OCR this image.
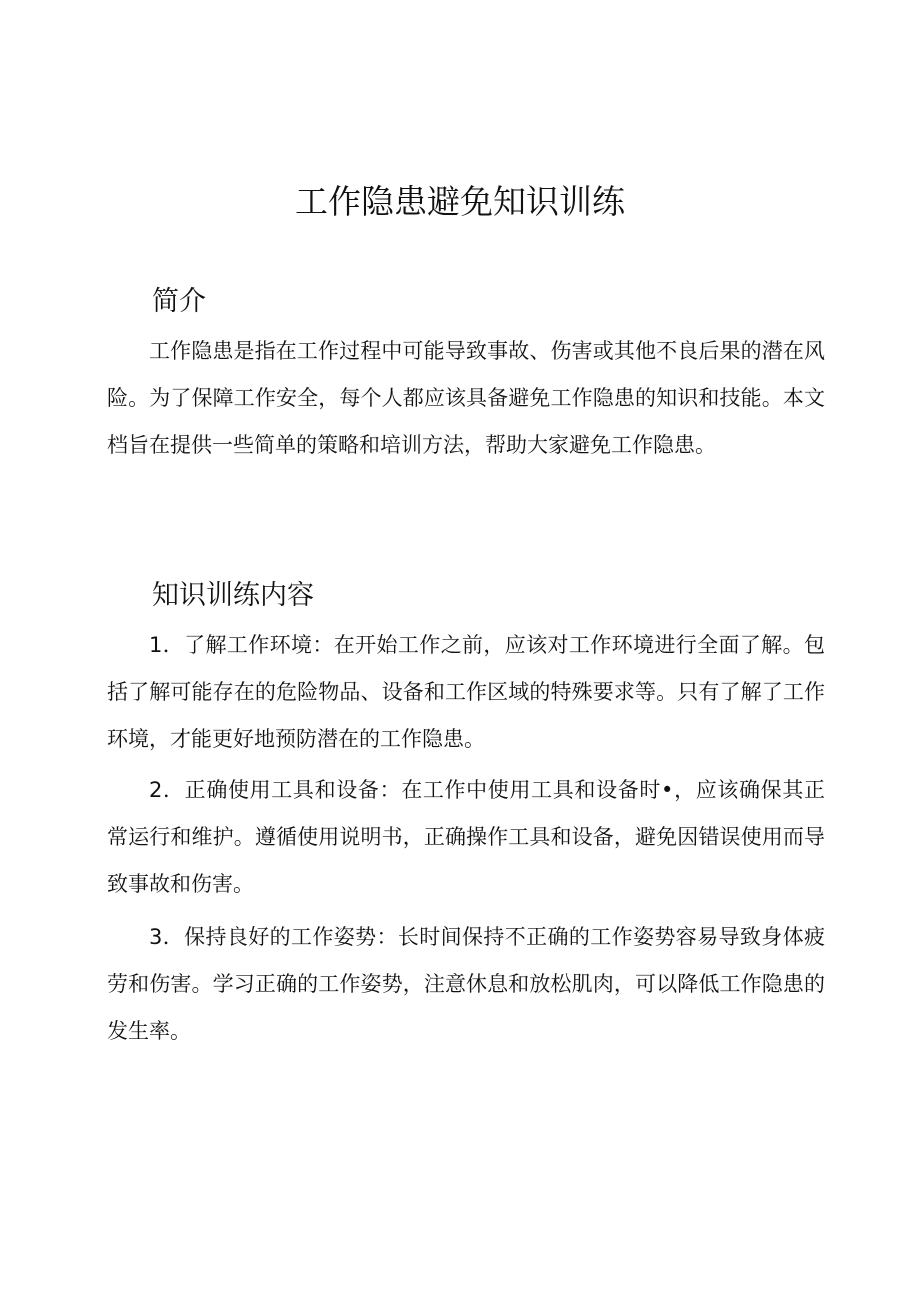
工作隐患避免知识训练
简介

工作隐患是指在工作过程中可能导致事故、伤害或其他不良后果的潜在风险。为了保障工作安全，每个人都应该具备避免工作隐患的知识和技能。本文档旨在提供一些简单的策略和培训方法，帮助大家避免工作隐患。

知识训练内容

1．了解工作环境：在开始工作之前，应该对工作环境进行全面了解。包括了解可能存在的危险物品、设备和工作区域的特殊要求等。只有了解了工作环境，才能更好地预防潜在的工作隐患。

2．正确使用工具和设备：在工作中使用工具和设备时•，应该确保其正常运行和维护。遵循使用说明书，正确操作工具和设备，避免因错误使用而导致事故和伤害。

3．保持良好的工作姿势：长时间保持不正确的工作姿势容易导致身体疲劳和伤害。学习正确的工作姿势，注意休息和放松肌肉，可以降低工作隐患的发生率。
